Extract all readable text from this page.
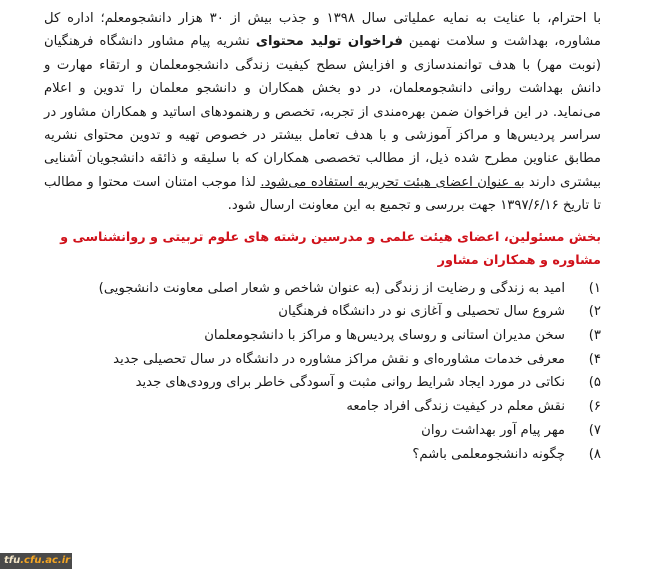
با احترام، با عنایت به نمایه عملیاتی سال ۱۳۹۸ و جذب بیش از ۳۰ هزار دانشجومعلم؛ اداره کل مشاوره، بهداشت و سلامت نهمین فراخوان تولید محتوای نشریه پیام مشاور دانشگاه فرهنگیان (نوبت مهر) با هدف توانمندسازی و افزایش سطح کیفیت زندگی دانشجومعلمان و ارتقاء مهارت و دانش بهداشت روانی دانشجومعلمان، در دو بخش همکاران و دانشجو معلمان را تدوین و اعلام می‌نماید. در این فراخوان ضمن بهره‌مندی از تجربه، تخصص و رهنمودهای اساتید و همکاران مشاور در سراسر پردیس‌ها و مراکز آموزشی و با هدف تعامل بیشتر در خصوص تهیه و تدوین محتوای نشریه مطابق عناوین مطرح شده ذیل، از مطالب تخصصی همکاران که با سلیقه و ذائقه دانشجویان آشنایی بیشتری دارند به عنوان اعضای هیئت تحریریه استفاده می‌شود. لذا موجب امتنان است محتوا و مطالب تا تاریخ ۱۳۹۷/۶/۱۶ جهت بررسی و تجمیع به این معاونت ارسال شود.

بخش مسئولین، اعضای هیئت علمی و مدرسین رشته های علوم تربیتی و روانشناسی و مشاوره و همکاران مشاور

۱)
امید به زندگی و رضایت از زندگی (به عنوان شاخص و شعار اصلی معاونت دانشجویی)
۲)
شروع سال تحصیلی و آغازی نو در دانشگاه فرهنگیان
۳)
سخن مدیران استانی و روسای پردیس‌ها و مراکز با دانشجومعلمان
۴)
معرفی خدمات مشاوره‌ای و نقش مراکز مشاوره در دانشگاه در سال تحصیلی جدید
۵)
نکاتی در مورد ایجاد شرایط روانی مثبت و آسودگی خاطر برای ورودی‌های جدید
۶)
نقش معلم در کیفیت زندگی افراد جامعه
۷)
مهر پیام آور بهداشت روان
۸)
چگونه دانشجومعلمی باشم؟
tfu.cfu.ac.ir
